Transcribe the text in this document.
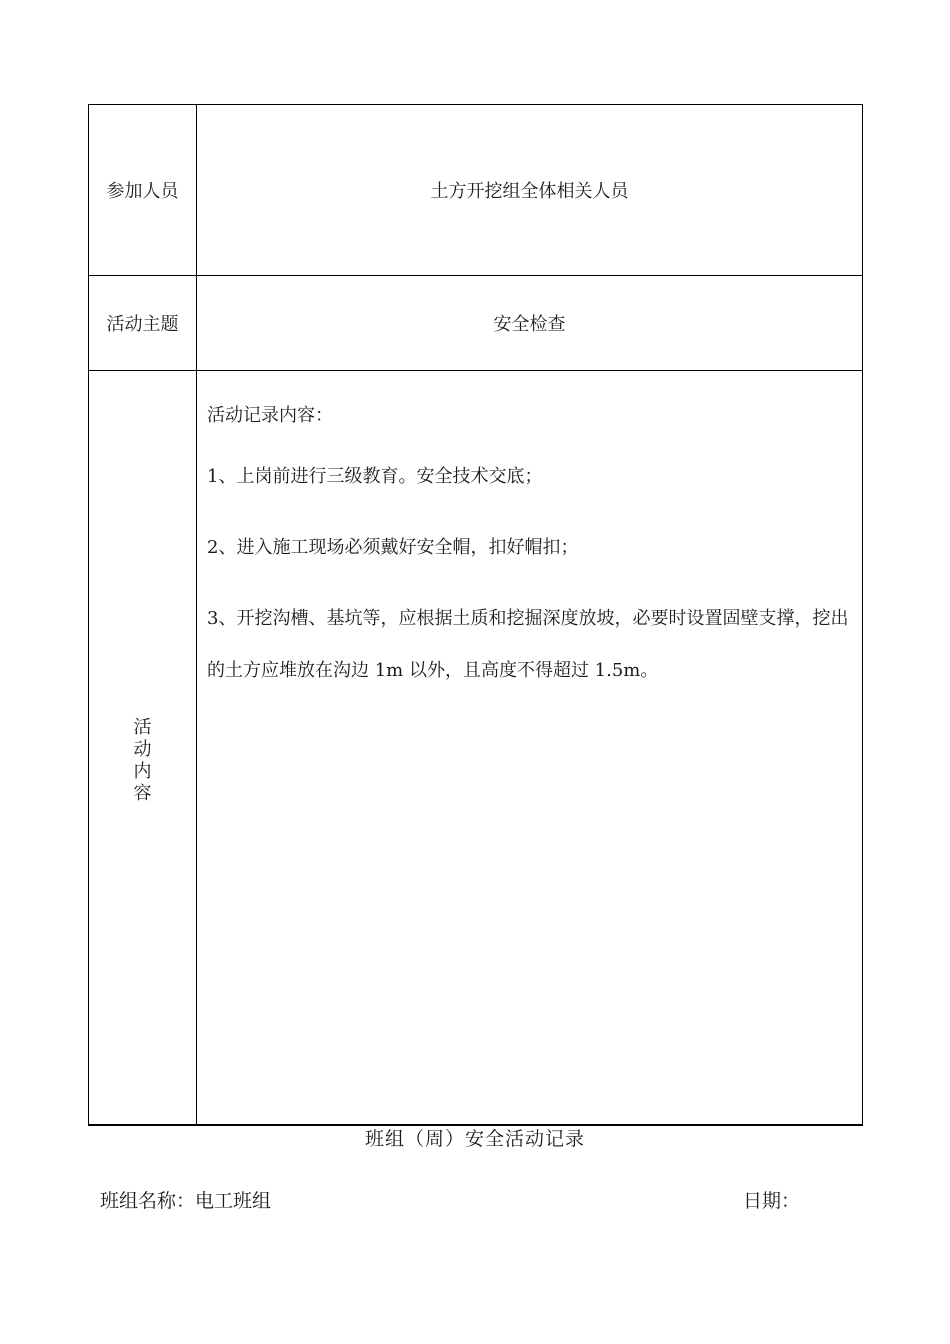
参加人员	土方开挖组全体相关人员
活动主题	安全检查
活动内容	活动记录内容：

1、上岗前进行三级教育。安全技术交底；

2、进入施工现场必须戴好安全帽，扣好帽扣；

3、开挖沟槽、基坑等，应根据土质和挖掘深度放坡，必要时设置固壁支撑，挖出的土方应堆放在沟边 1m 以外，且高度不得超过 1.5m。

班组（周）安全活动记录
班组名称：电工班组	日期：
